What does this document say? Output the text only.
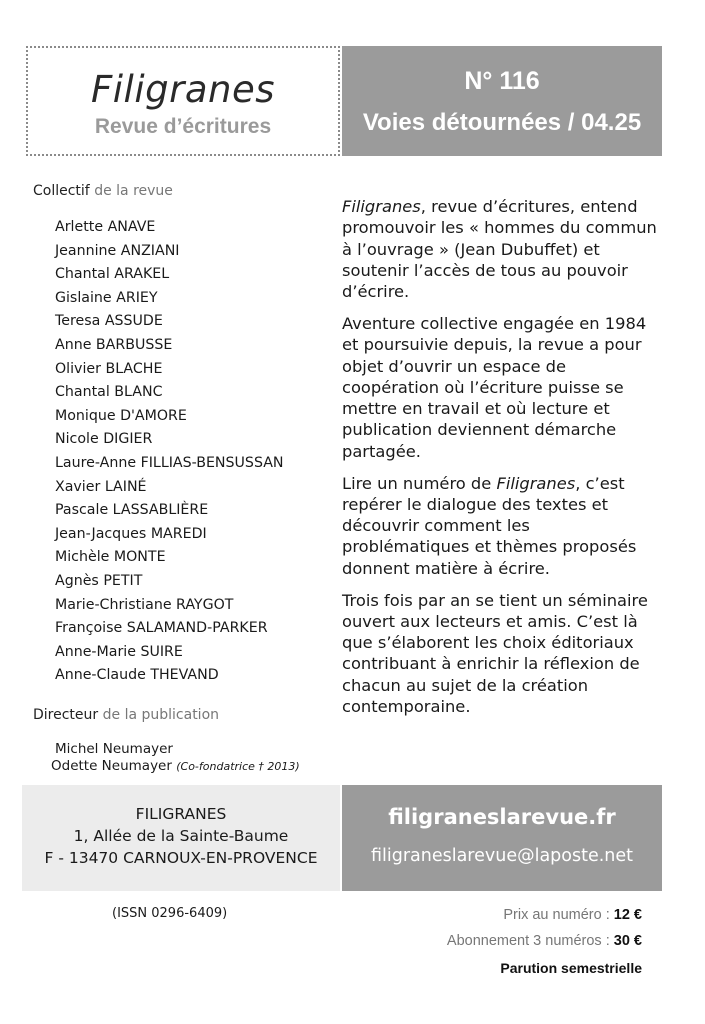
Filigranes
Revue d’écritures
N° 116
Voies détournées / 04.25
Collectif de la revue
Arlette ANAVE
Jeannine ANZIANI
Chantal ARAKEL
Gislaine ARIEY
Teresa ASSUDE
Anne BARBUSSE
Olivier BLACHE
Chantal BLANC
Monique D'AMORE
Nicole DIGIER
Laure-Anne FILLIAS-BENSUSSAN
Xavier LAINÉ
Pascale LASSABLIÈRE
Jean-Jacques MAREDI
Michèle MONTE
Agnès PETIT
Marie-Christiane RAYGOT
Françoise SALAMAND-PARKER
Anne-Marie SUIRE
Anne-Claude THEVAND
Directeur de la publication
Michel Neumayer
Odette Neumayer (Co-fondatrice † 2013)

Filigranes, revue d’écritures, entend promouvoir les « hommes du commun à l’ouvrage » (Jean Dubuffet) et soutenir l’accès de tous au pouvoir d’écrire.

Aventure collective engagée en 1984 et poursuivie depuis, la revue a pour objet d’ouvrir un espace de coopération où l’écriture puisse se mettre en travail et où lecture et publication deviennent démarche partagée.

Lire un numéro de Filigranes, c’est repérer le dialogue des textes et découvrir comment les problématiques et thèmes proposés donnent matière à écrire.

Trois fois par an se tient un séminaire ouvert aux lecteurs et amis. C’est là que s’élaborent les choix éditoriaux contribuant à enrichir la réflexion de chacun au sujet de la création contemporaine.

FILIGRANES
1, Allée de la Sainte-Baume
F - 13470 CARNOUX-EN-PROVENCE
filigraneslarevue.fr
filigraneslarevue@laposte.net
(ISSN 0296-6409)	Prix au numéro : 12 €
Abonnement 3 numéros : 30 €
Parution semestrielle
